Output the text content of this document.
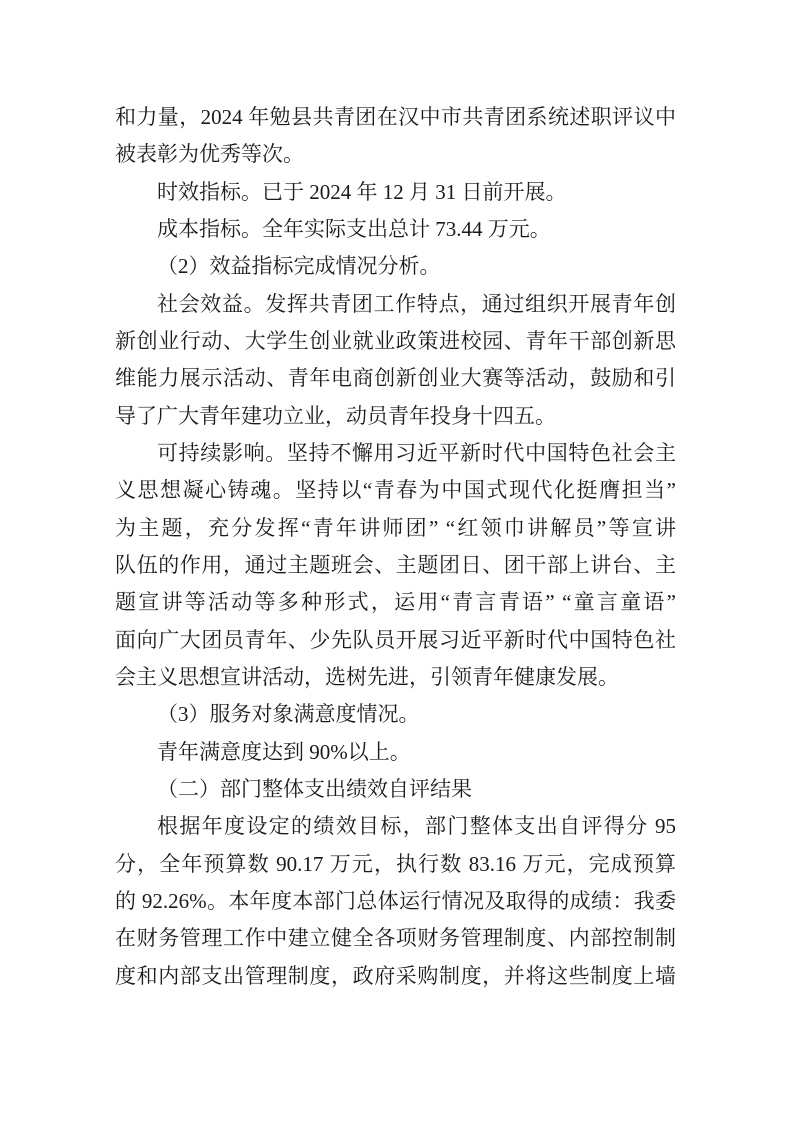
和力量，2024 年勉县共青团在汉中市共青团系统述职评议中
被表彰为优秀等次。
时效指标。已于 2024 年 12 月 31 日前开展。
成本指标。全年实际支出总计 73.44 万元。
（2）效益指标完成情况分析。
社会效益。发挥共青团工作特点，通过组织开展青年创
新创业行动、大学生创业就业政策进校园、青年干部创新思
维能力展示活动、青年电商创新创业大赛等活动，鼓励和引
导了广大青年建功立业，动员青年投身十四五。
可持续影响。坚持不懈用习近平新时代中国特色社会主
义思想凝心铸魂。坚持以“青春为中国式现代化挺膺担当”
为主题，充分发挥“青年讲师团” “红领巾讲解员”等宣讲
队伍的作用，通过主题班会、主题团日、团干部上讲台、主
题宣讲等活动等多种形式，运用“青言青语” “童言童语”
面向广大团员青年、少先队员开展习近平新时代中国特色社
会主义思想宣讲活动，选树先进，引领青年健康发展。
（3）服务对象满意度情况。
青年满意度达到 90%以上。
（二）部门整体支出绩效自评结果
根据年度设定的绩效目标，部门整体支出自评得分 95
分，全年预算数 90.17 万元，执行数 83.16 万元，完成预算
的 92.26%。本年度本部门总体运行情况及取得的成绩：我委
在财务管理工作中建立健全各项财务管理制度、内部控制制
度和内部支出管理制度，政府采购制度，并将这些制度上墙
